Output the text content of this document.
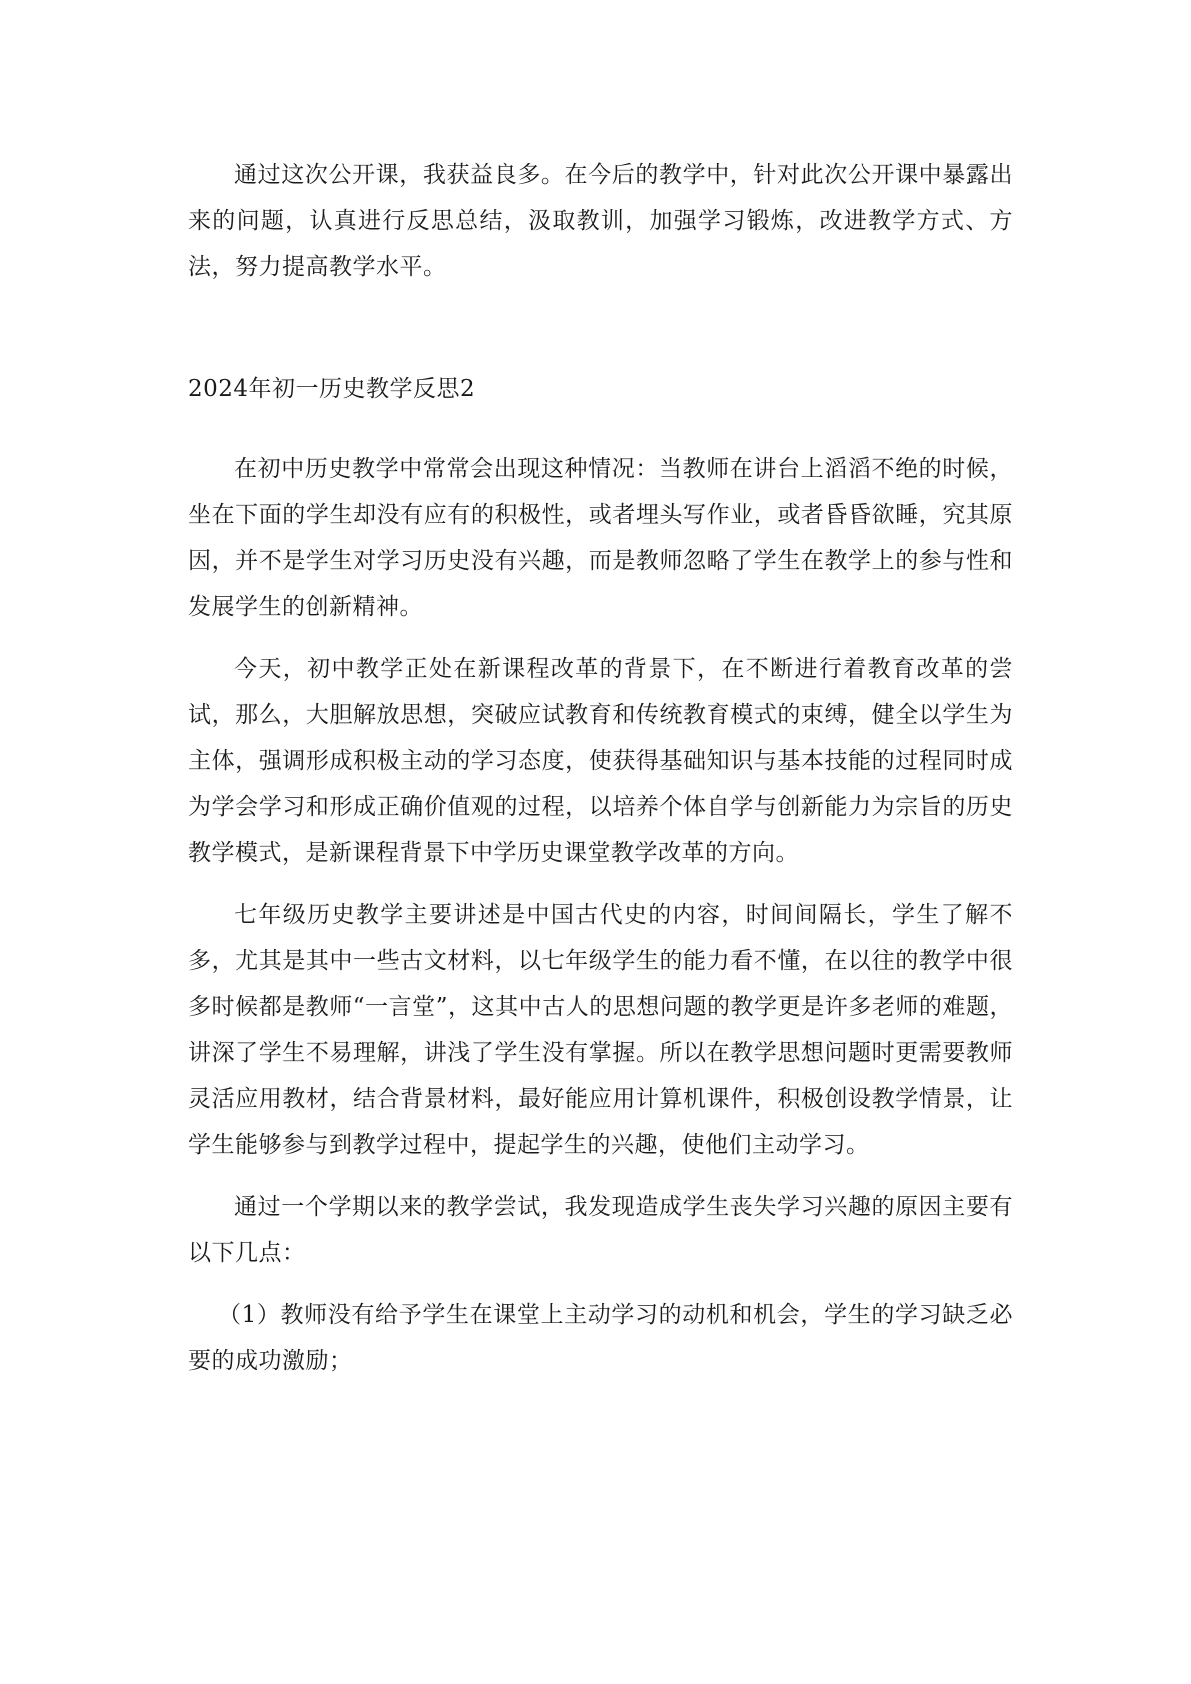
通过这次公开课，我获益良多。在今后的教学中，针对此次公开课中暴露出来的问题，认真进行反思总结，汲取教训，加强学习锻炼，改进教学方式、方法，努力提高教学水平。

2024年初一历史教学反思2

在初中历史教学中常常会出现这种情况：当教师在讲台上滔滔不绝的时候，坐在下面的学生却没有应有的积极性，或者埋头写作业，或者昏昏欲睡，究其原因，并不是学生对学习历史没有兴趣，而是教师忽略了学生在教学上的参与性和发展学生的创新精神。

今天，初中教学正处在新课程改革的背景下，在不断进行着教育改革的尝试，那么，大胆解放思想，突破应试教育和传统教育模式的束缚，健全以学生为主体，强调形成积极主动的学习态度，使获得基础知识与基本技能的过程同时成为学会学习和形成正确价值观的过程，以培养个体自学与创新能力为宗旨的历史教学模式，是新课程背景下中学历史课堂教学改革的方向。

七年级历史教学主要讲述是中国古代史的内容，时间间隔长，学生了解不多，尤其是其中一些古文材料，以七年级学生的能力看不懂，在以往的教学中很多时候都是教师“一言堂”，这其中古人的思想问题的教学更是许多老师的难题，讲深了学生不易理解，讲浅了学生没有掌握。所以在教学思想问题时更需要教师灵活应用教材，结合背景材料，最好能应用计算机课件，积极创设教学情景，让学生能够参与到教学过程中，提起学生的兴趣，使他们主动学习。

通过一个学期以来的教学尝试，我发现造成学生丧失学习兴趣的原因主要有以下几点：

（1）教师没有给予学生在课堂上主动学习的动机和机会，学生的学习缺乏必要的成功激励；
